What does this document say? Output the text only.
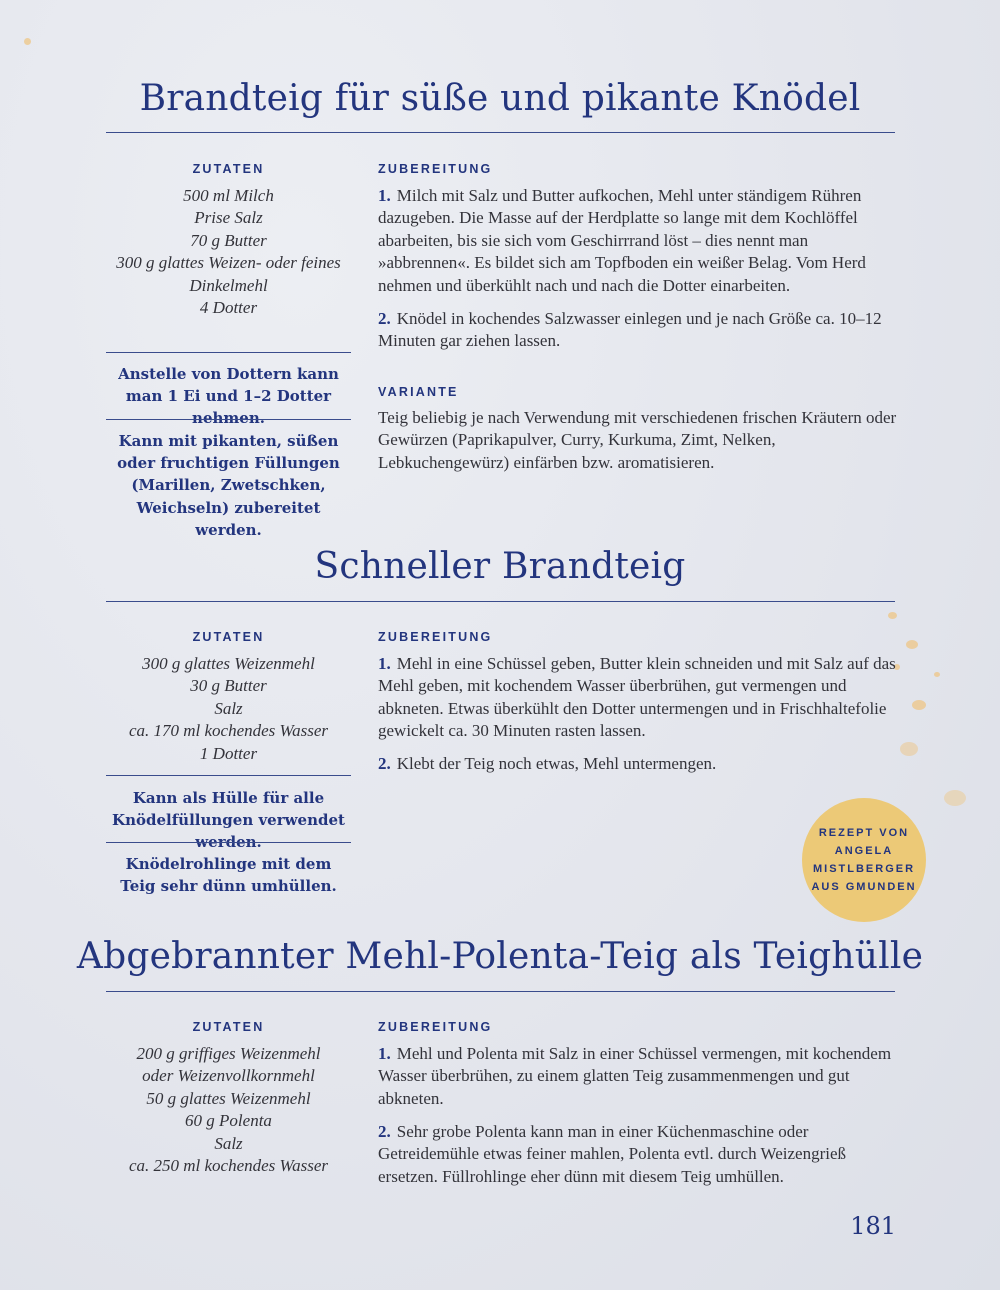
Brandteig für süße und pikante Knödel
ZUTATEN
500 ml Milch
Prise Salz
70 g Butter
300 g glattes Weizen- oder feines
Dinkelmehl
4 Dotter
Anstelle von Dottern kann man 1 Ei und 1–2 Dotter nehmen.
Kann mit pikanten, süßen oder fruchtigen Füllungen (Marillen, Zwetschken, Weichseln) zubereitet werden.
ZUBEREITUNG

1. Milch mit Salz und Butter aufkochen, Mehl unter ständigem Rühren dazugeben. Die Masse auf der Herdplatte so lange mit dem Kochlöffel abarbeiten, bis sie sich vom Geschirrrand löst – dies nennt man »abbrennen«. Es bildet sich am Topfboden ein weißer Belag. Vom Herd nehmen und überkühlt nach und nach die Dotter einarbeiten.

2. Knödel in kochendes Salzwasser einlegen und je nach Größe ca. 10–12 Minuten gar ziehen lassen.

VARIANTE

Teig beliebig je nach Verwendung mit verschiedenen frischen Kräutern oder Gewürzen (Paprikapulver, Curry, Kurkuma, Zimt, Nelken, Lebkuchengewürz) einfärben bzw. aromatisieren.

Schneller Brandteig
ZUTATEN
300 g glattes Weizenmehl
30 g Butter
Salz
ca. 170 ml kochendes Wasser
1 Dotter
Kann als Hülle für alle Knödelfüllungen verwendet werden.
Knödelrohlinge mit dem Teig sehr dünn umhüllen.
ZUBEREITUNG

1. Mehl in eine Schüssel geben, Butter klein schneiden und mit Salz auf das Mehl geben, mit kochendem Wasser überbrühen, gut vermengen und abkneten. Etwas überkühlt den Dotter untermengen und in Frischhaltefolie gewickelt ca. 30 Minuten rasten lassen.

2. Klebt der Teig noch etwas, Mehl untermengen.

REZEPT VON
ANGELA
MISTLBERGER
AUS GMUNDEN
Abgebrannter Mehl-Polenta-Teig als Teighülle
ZUTATEN
200 g griffiges Weizenmehl
oder Weizenvollkornmehl
50 g glattes Weizenmehl
60 g Polenta
Salz
ca. 250 ml kochendes Wasser
ZUBEREITUNG

1. Mehl und Polenta mit Salz in einer Schüssel vermengen, mit kochendem Wasser überbrühen, zu einem glatten Teig zusammenmengen und gut abkneten.

2. Sehr grobe Polenta kann man in einer Küchenmaschine oder Getreidemühle etwas feiner mahlen, Polenta evtl. durch Weizengrieß ersetzen. Füllrohlinge eher dünn mit diesem Teig umhüllen.

181
